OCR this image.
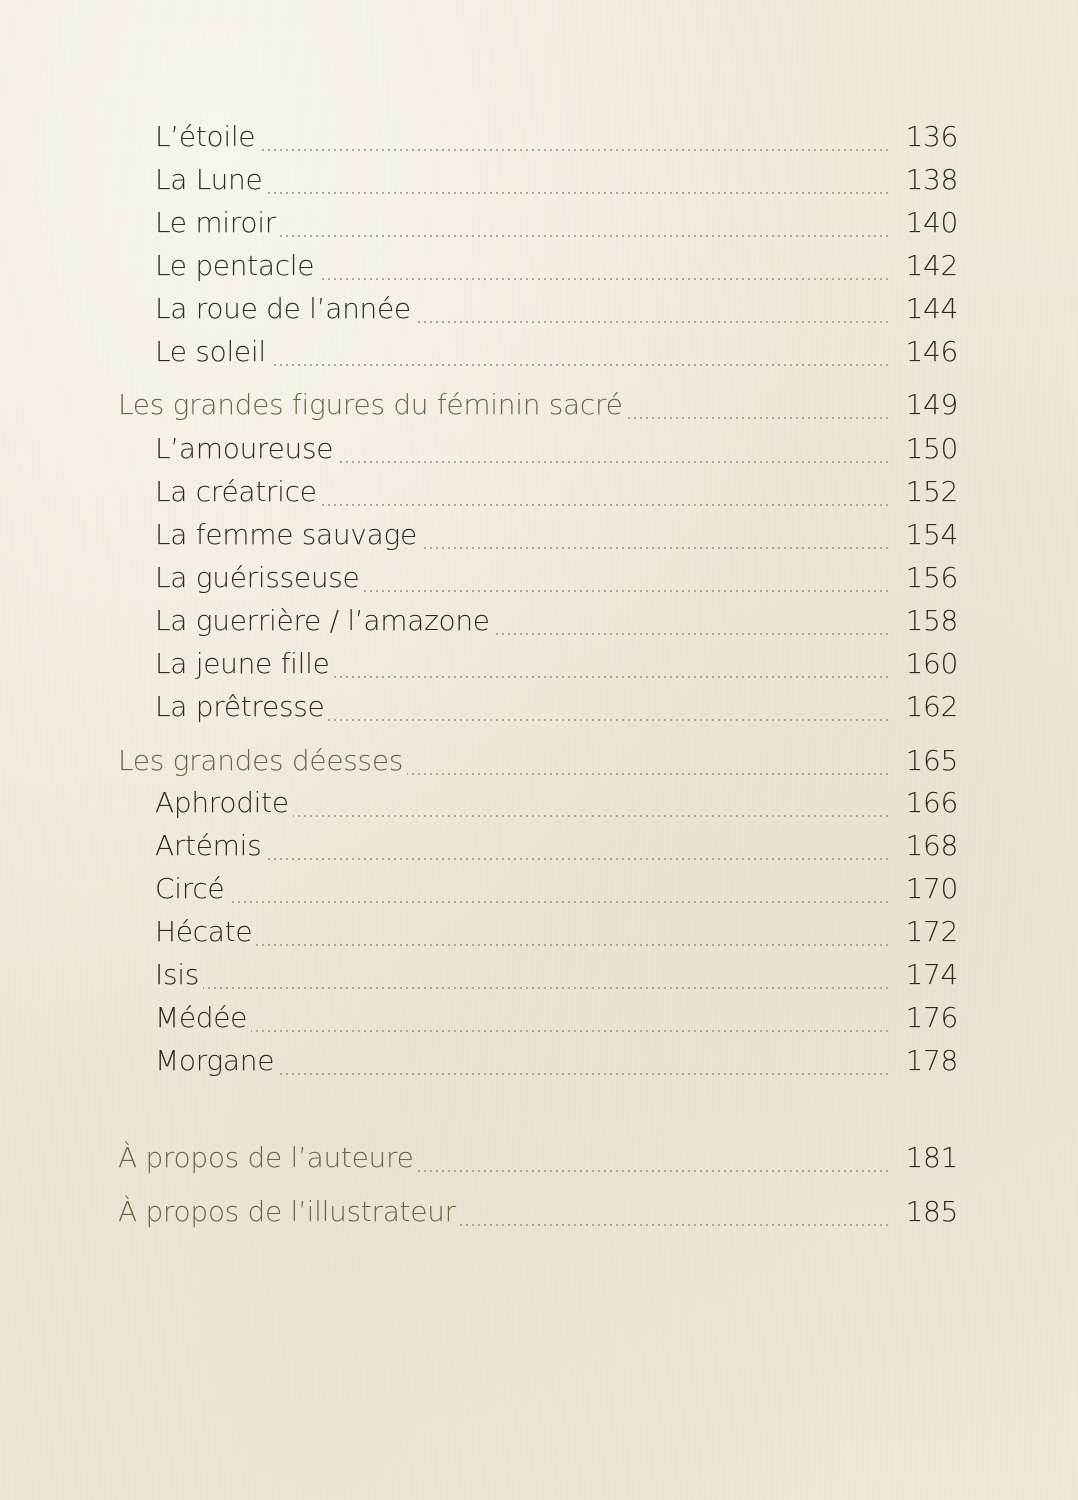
L’étoile	136
La Lune	138
Le miroir	140
Le pentacle	142
La roue de l’année	144
Le soleil	146
Les grandes figures du féminin sacré	149
L’amoureuse	150
La créatrice	152
La femme sauvage	154
La guérisseuse	156
La guerrière / l’amazone	158
La jeune fille	160
La prêtresse	162
Les grandes déesses	165
Aphrodite	166
Artémis	168
Circé	170
Hécate	172
Isis	174
Médée	176
Morgane	178
À propos de l’auteure	181
À propos de l’illustrateur	185
